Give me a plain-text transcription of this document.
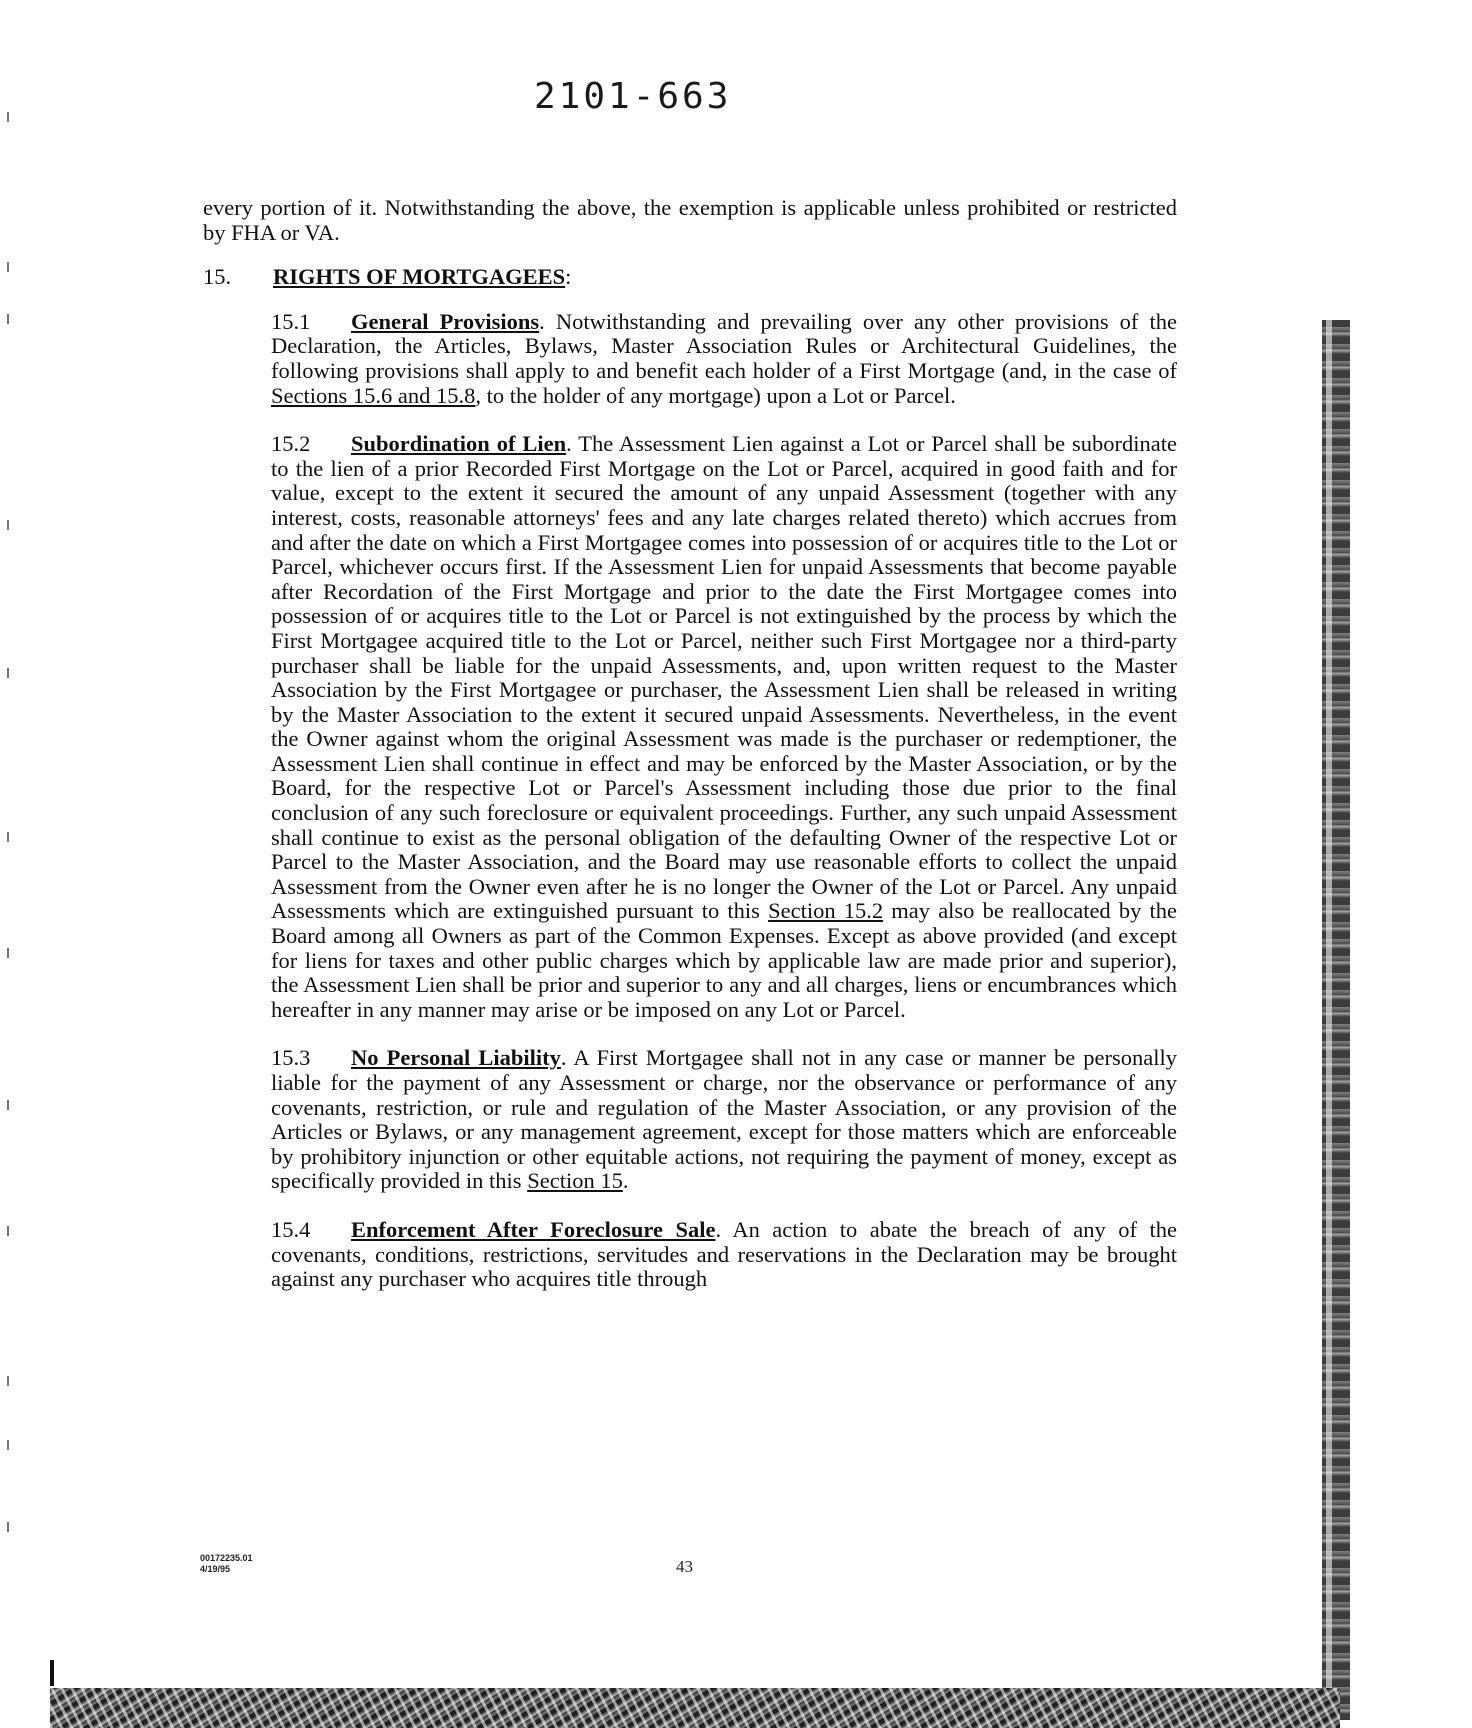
2101-663

every portion of it. Notwithstanding the above, the exemption is applicable unless prohibited or restricted by FHA or VA.

15.	RIGHTS OF MORTGAGEES:

15.1 General Provisions. Notwithstanding and prevailing over any other provisions of the Declaration, the Articles, Bylaws, Master Association Rules or Architectural Guidelines, the following provisions shall apply to and benefit each holder of a First Mortgage (and, in the case of Sections 15.6 and 15.8, to the holder of any mortgage) upon a Lot or Parcel.

15.2 Subordination of Lien. The Assessment Lien against a Lot or Parcel shall be subordinate to the lien of a prior Recorded First Mortgage on the Lot or Parcel, acquired in good faith and for value, except to the extent it secured the amount of any unpaid Assessment (together with any interest, costs, reasonable attorneys' fees and any late charges related thereto) which accrues from and after the date on which a First Mortgagee comes into possession of or acquires title to the Lot or Parcel, whichever occurs first. If the Assessment Lien for unpaid Assessments that become payable after Recordation of the First Mortgage and prior to the date the First Mortgagee comes into possession of or acquires title to the Lot or Parcel is not extinguished by the process by which the First Mortgagee acquired title to the Lot or Parcel, neither such First Mortgagee nor a third-party purchaser shall be liable for the unpaid Assessments, and, upon written request to the Master Association by the First Mortgagee or purchaser, the Assessment Lien shall be released in writing by the Master Association to the extent it secured unpaid Assessments. Nevertheless, in the event the Owner against whom the original Assessment was made is the purchaser or redemptioner, the Assessment Lien shall continue in effect and may be enforced by the Master Association, or by the Board, for the respective Lot or Parcel's Assessment including those due prior to the final conclusion of any such foreclosure or equivalent proceedings. Further, any such unpaid Assessment shall continue to exist as the personal obligation of the defaulting Owner of the respective Lot or Parcel to the Master Association, and the Board may use reasonable efforts to collect the unpaid Assessment from the Owner even after he is no longer the Owner of the Lot or Parcel. Any unpaid Assessments which are extinguished pursuant to this Section 15.2 may also be reallocated by the Board among all Owners as part of the Common Expenses. Except as above provided (and except for liens for taxes and other public charges which by applicable law are made prior and superior), the Assessment Lien shall be prior and superior to any and all charges, liens or encumbrances which hereafter in any manner may arise or be imposed on any Lot or Parcel.

15.3 No Personal Liability. A First Mortgagee shall not in any case or manner be personally liable for the payment of any Assessment or charge, nor the observance or performance of any covenants, restriction, or rule and regulation of the Master Association, or any provision of the Articles or Bylaws, or any management agreement, except for those matters which are enforceable by prohibitory injunction or other equitable actions, not requiring the payment of money, except as specifically provided in this Section 15.

15.4 Enforcement After Foreclosure Sale. An action to abate the breach of any of the covenants, conditions, restrictions, servitudes and reservations in the Declaration may be brought against any purchaser who acquires title through

00172235.01
4/19/95	43
